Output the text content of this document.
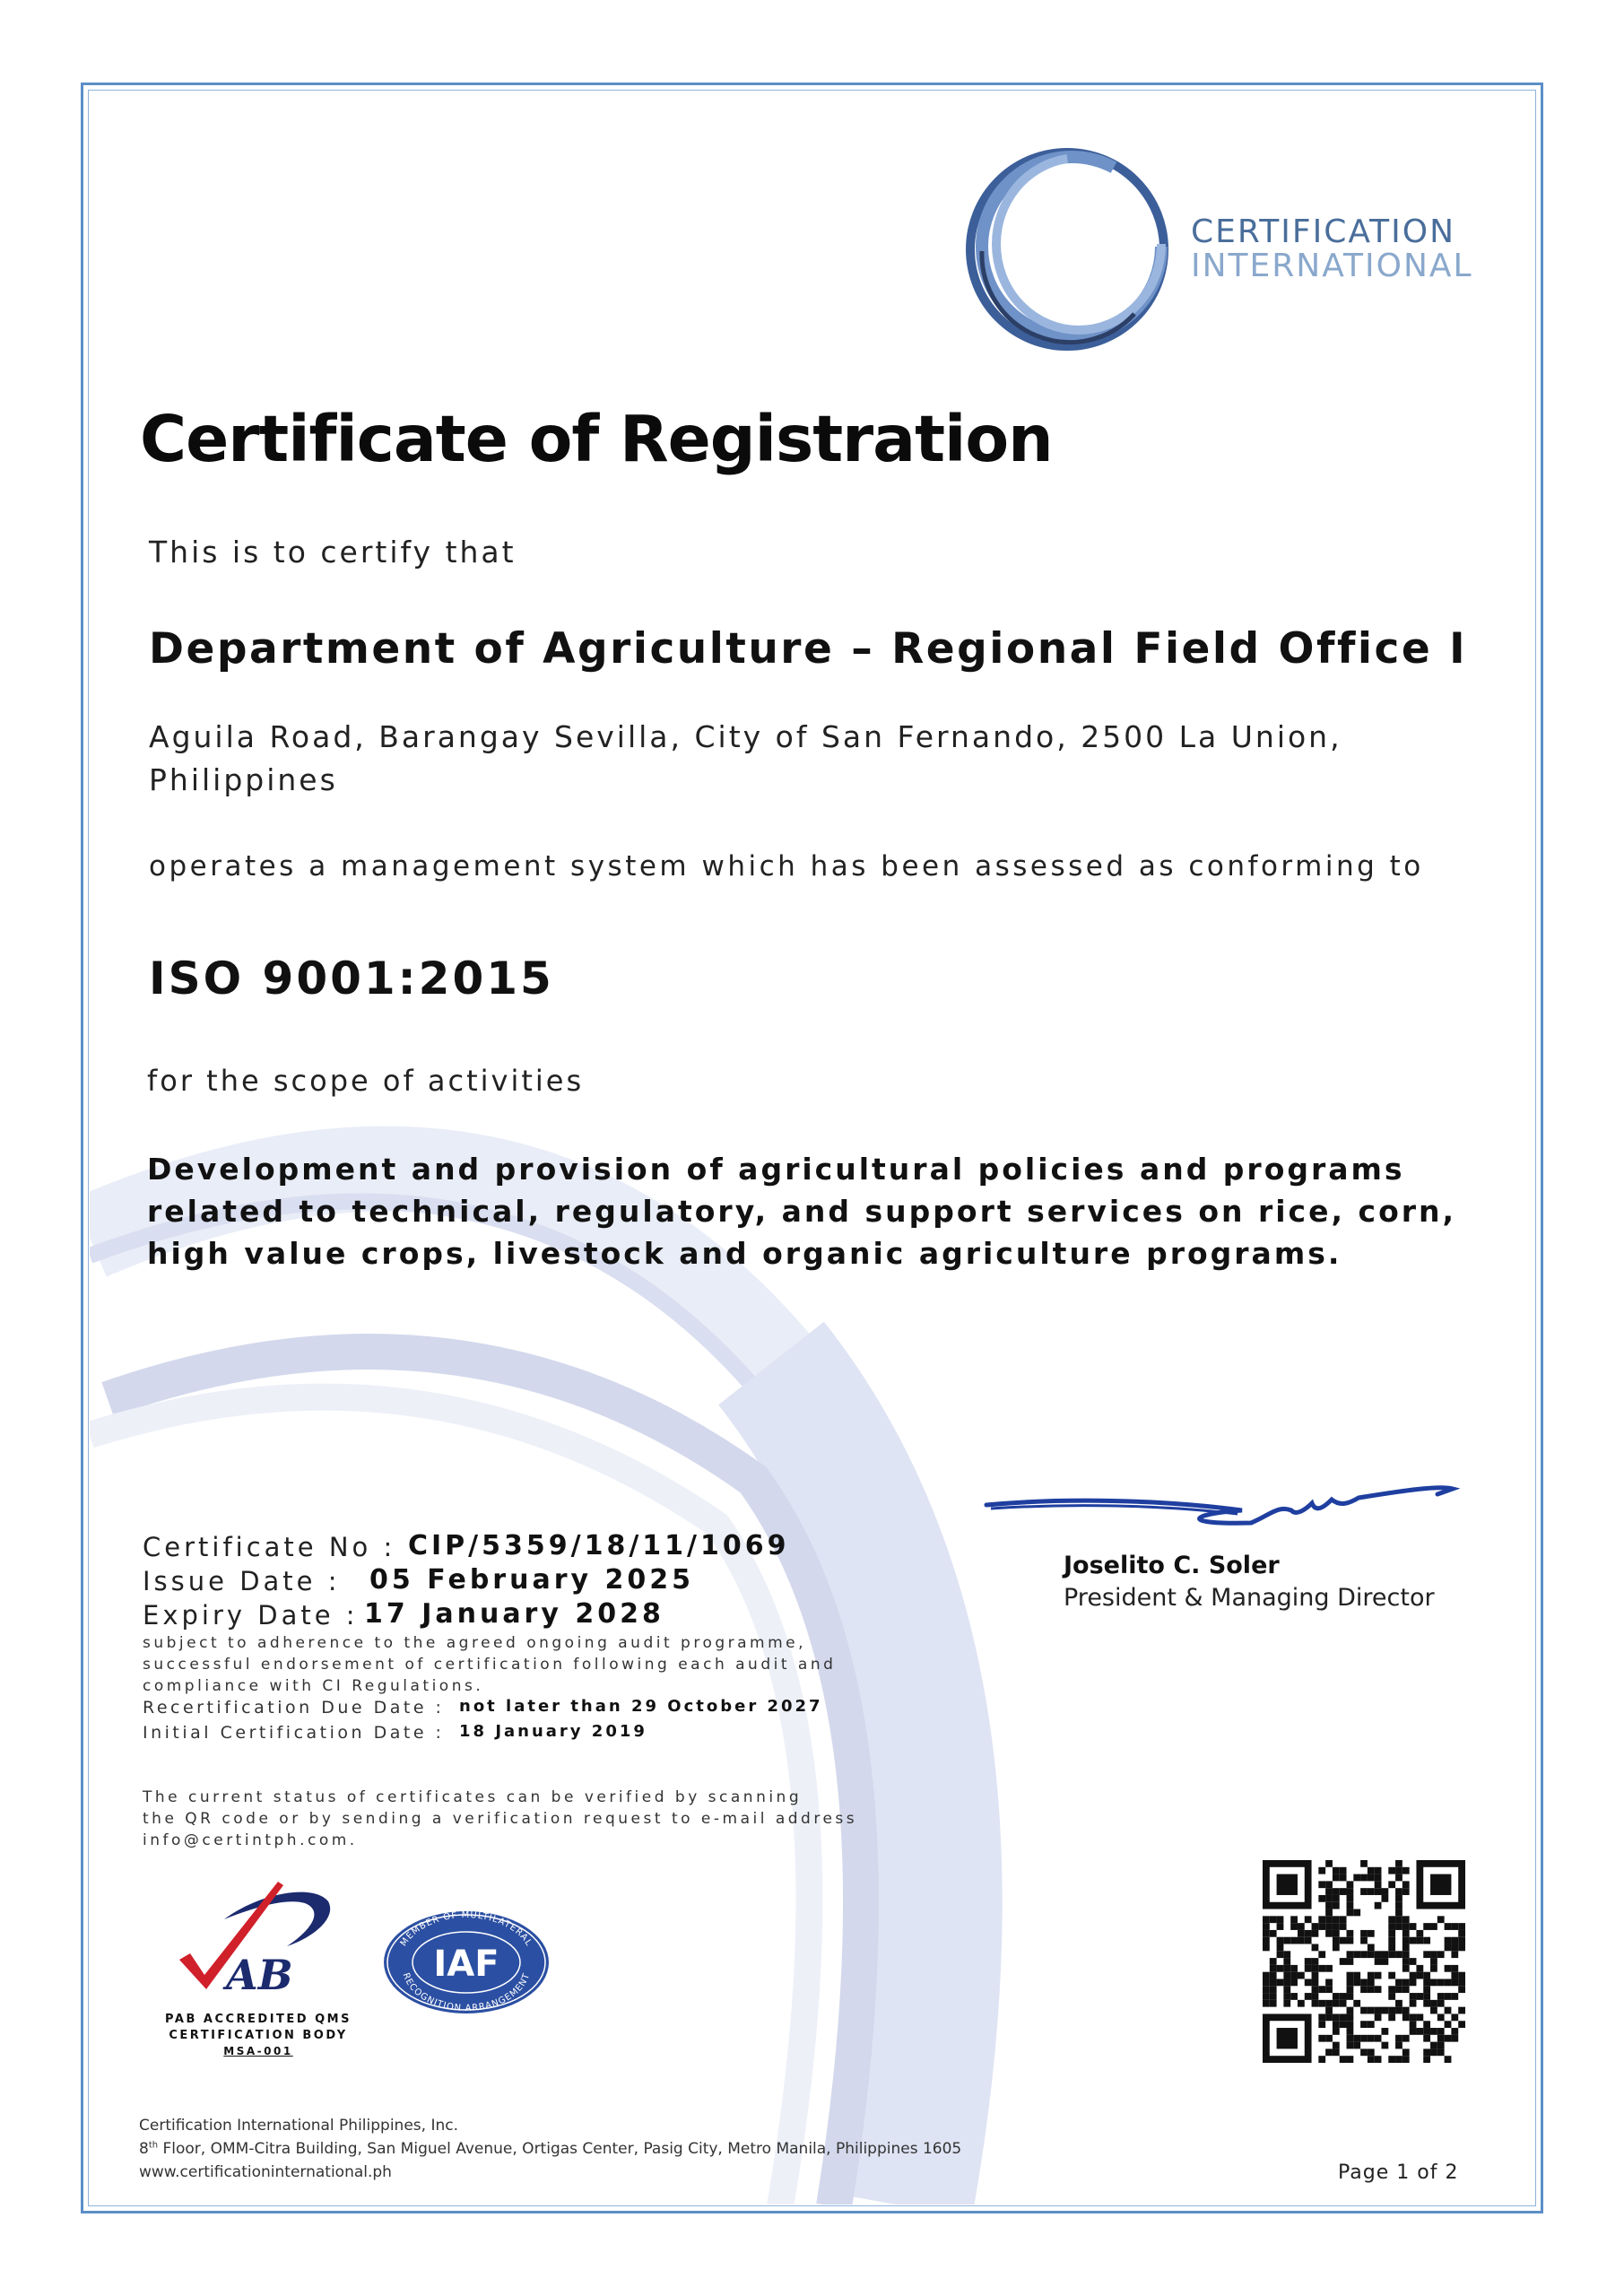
CERTIFICATION
INTERNATIONAL
Certificate of Registration
This is to certify that
Department of Agriculture – Regional Field Office I
Aguila Road, Barangay Sevilla, City of San Fernando, 2500 La Union, Philippines
operates a management system which has been assessed as conforming to
ISO 9001:2015
for the scope of activities
Development and provision of agricultural policies and programs related to technical, regulatory, and support services on rice, corn, high value crops, livestock and organic agriculture programs.
Certificate No : CIP/5359/18/11/1069
Issue Date : 05 February 2025
Expiry Date : 17 January 2028
subject to adherence to the agreed ongoing audit programme,
successful endorsement of certification following each audit and
compliance with CI Regulations.
Recertification Due Date : not later than 29 October 2027
Initial Certification Date : 18 January 2019
The current status of certificates can be verified by scanning
the QR code or by sending a verification request to e-mail address
info@certintph.com.
Joselito C. Soler
President & Managing Director
AB
PAB ACCREDITED QMS
CERTIFICATION BODY
MSA-001
MEMBER OF MULTILATERAL
RECOGNITION ARRANGEMENT
IAF
Certification International Philippines, Inc.
8th Floor, OMM-Citra Building, San Miguel Avenue, Ortigas Center, Pasig City, Metro Manila, Philippines 1605
www.certificationinternational.ph	Page 1 of 2
